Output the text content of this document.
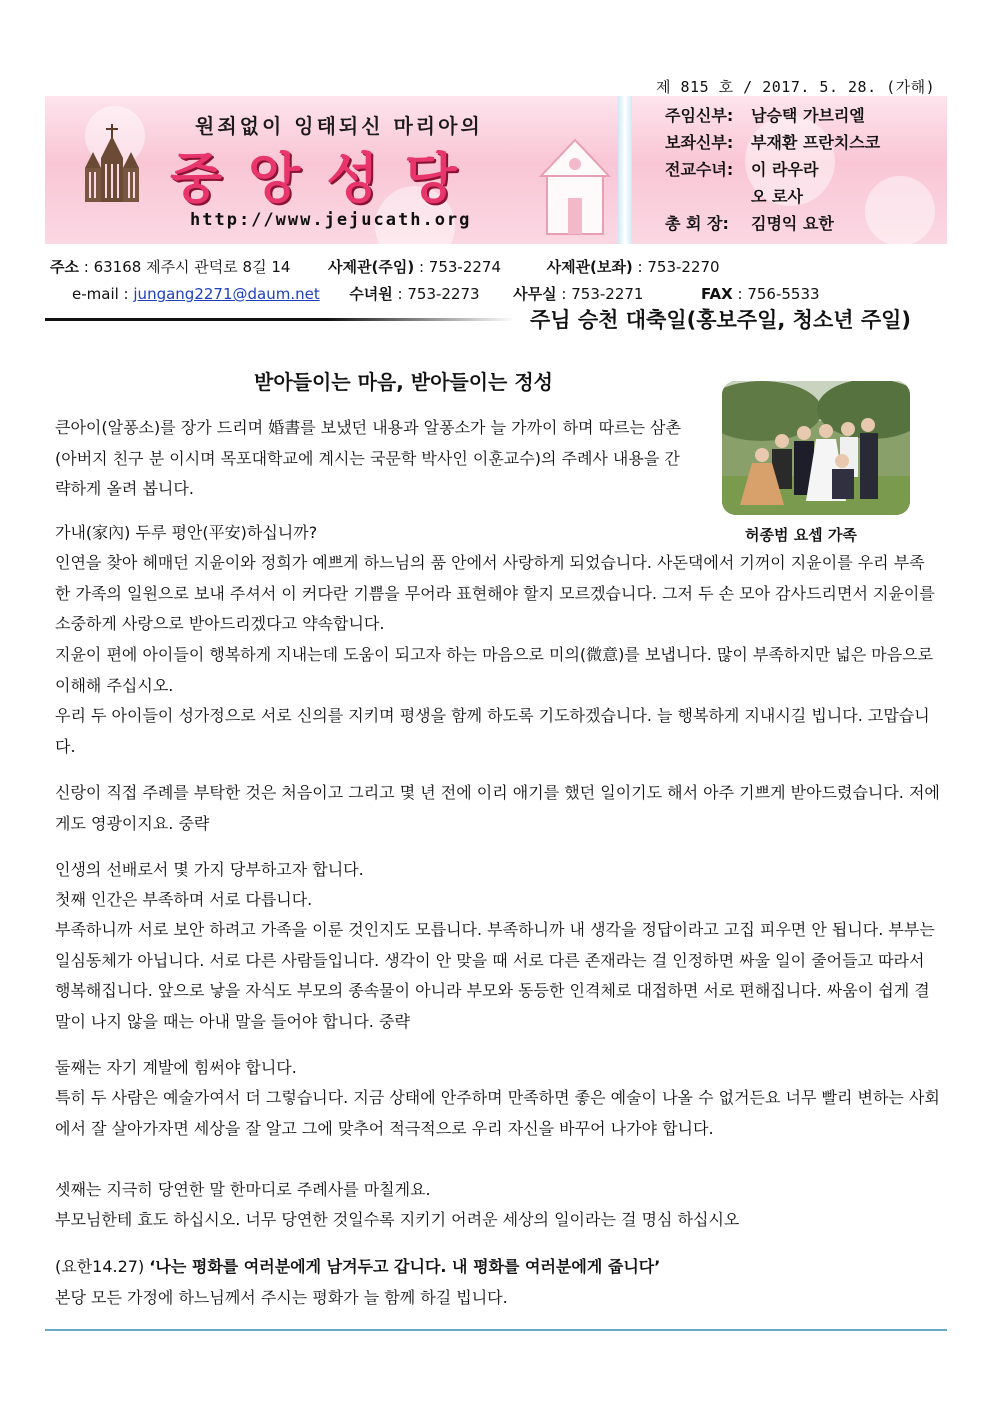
제 815 호 / 2017. 5. 28. (가해)
원죄없이 잉태되신 마리아의
중앙성당
http://www.jejucath.org
주임신부:	남승택 가브리엘
보좌신부:	부재환 프란치스코
전교수녀:	이 라우라
오 로사
총 회 장:	김명익 요한
주소 : 63168 제주시 관덕로 8길 14	사제관(주임) : 753-2274	사제관(보좌) : 753-2270
e-mail : jungang2271@daum.net 수녀원 : 753-2273 사무실 : 753-2271	FAX : 756-5533
주님 승천 대축일(홍보주일, 청소년 주일)
받아들이는 마음, 받아들이는 정성
허종범 요셉 가족

큰아이(알퐁소)를 장가 드리며 婚書를 보냈던 내용과 알퐁소가 늘 가까이 하며 따르는 삼촌(아버지 친구 분 이시며 목포대학교에 계시는 국문학 박사인 이훈교수)의 주례사 내용을 간략하게 올려 봅니다.

가내(家內) 두루 평안(平安)하십니까?

인연을 찾아 헤매던 지윤이와 정희가 예쁘게 하느님의 품 안에서 사랑하게 되었습니다. 사돈댁에서 기꺼이 지윤이를 우리 부족한 가족의 일원으로 보내 주셔서 이 커다란 기쁨을 무어라 표현해야 할지 모르겠습니다. 그저 두 손 모아 감사드리면서 지윤이를 소중하게 사랑으로 받아드리겠다고 약속합니다.

지윤이 편에 아이들이 행복하게 지내는데 도움이 되고자 하는 마음으로 미의(微意)를 보냅니다. 많이 부족하지만 넓은 마음으로 이해해 주십시오.

우리 두 아이들이 성가정으로 서로 신의를 지키며 평생을 함께 하도록 기도하겠습니다. 늘 행복하게 지내시길 빕니다. 고맙습니다.

신랑이 직접 주례를 부탁한 것은 처음이고 그리고 몇 년 전에 이리 애기를 했던 일이기도 해서 아주 기쁘게 받아드렸습니다. 저에게도 영광이지요. 중략

인생의 선배로서 몇 가지 당부하고자 합니다.

첫째 인간은 부족하며 서로 다릅니다.

부족하니까 서로 보안 하려고 가족을 이룬 것인지도 모릅니다. 부족하니까 내 생각을 정답이라고 고집 피우면 안 됩니다. 부부는 일심동체가 아닙니다. 서로 다른 사람들입니다. 생각이 안 맞을 때 서로 다른 존재라는 걸 인정하면 싸울 일이 줄어들고 따라서 행복해집니다. 앞으로 낳을 자식도 부모의 종속물이 아니라 부모와 동등한 인격체로 대접하면 서로 편해집니다. 싸움이 쉽게 결말이 나지 않을 때는 아내 말을 들어야 합니다. 중략

둘째는 자기 계발에 힘써야 합니다.

특히 두 사람은 예술가여서 더 그렇습니다. 지금 상태에 안주하며 만족하면 좋은 예술이 나올 수 없거든요 너무 빨리 변하는 사회에서 잘 살아가자면 세상을 잘 알고 그에 맞추어 적극적으로 우리 자신을 바꾸어 나가야 합니다.

셋째는 지극히 당연한 말 한마디로 주례사를 마칠게요.

부모님한테 효도 하십시오. 너무 당연한 것일수록 지키기 어려운 세상의 일이라는 걸 명심 하십시오

(요한14.27) ‘나는 평화를 여러분에게 남겨두고 갑니다. 내 평화를 여러분에게 줍니다’

본당 모든 가정에 하느님께서 주시는 평화가 늘 함께 하길 빕니다.
